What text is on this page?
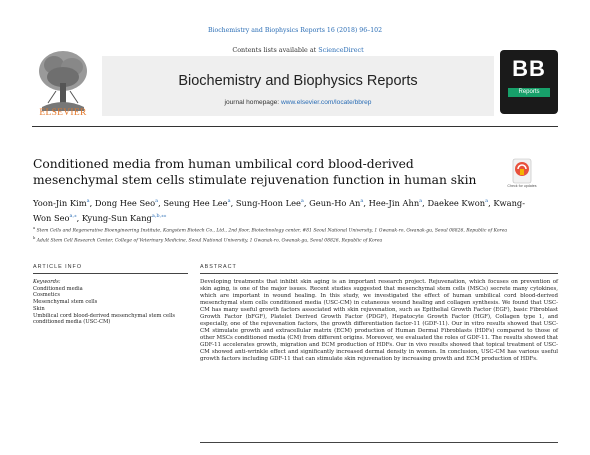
Biochemistry and Biophysics Reports 16 (2018) 96–102
ELSEVIER
Contents lists available at ScienceDirect
Biochemistry and Biophysics Reports
journal homepage: www.elsevier.com/locate/bbrep
BB
Reports
Conditioned media from human umbilical cord blood-derived mesenchymal stem cells stimulate rejuvenation function in human skin	Check for updates
Yoon-Jin Kim$^a$, Dong Hee Seo$^a$, Seung Hee Lee$^a$, Sung-Hoon Lee$^a$, Geun-Ho An$^a$, Hee-Jin Ahn$^a$, Daekee Kwon$^a$, Kwang-Won Seo$^{a,⁎}$, Kyung-Sun Kang$^{a,b,⁎⁎}$
$^a$ Stem Cells and Regenerative Bioengineering Institute, Kangstem Biotech Co., Ltd., 2nd floor, Biotechnology center, #81 Seoul National University, 1 Gwanak-ro, Gwanak-gu, Seoul 08826, Republic of Korea
$^b$ Adult Stem Cell Research Center, College of Veterinary Medicine, Seoul National University, 1 Gwanak-ro, Gwanak-gu, Seoul 08826, Republic of Korea
ARTICLE INFO	ABSTRACT
Keywords:
Conditioned media
Cosmetics
Mesenchymal stem cells
Skin
Umbilical cord blood-derived mesenchymal stem cells conditioned media (USC-CM)
Developing treatments that inhibit skin aging is an important research project. Rejuvenation, which focuses on prevention of skin aging, is one of the major issues. Recent studies suggested that mesenchymal stem cells (MSCs) secrete many cytokines, which are important in wound healing. In this study, we investigated the effect of human umbilical cord blood-derived mesenchymal stem cells conditioned media (USC-CM) in cutaneous wound healing and collagen synthesis. We found that USC-CM has many useful growth factors associated with skin rejuvenation, such as Epithelial Growth Factor (EGF), basic Fibroblast Growth Factor (bFGF), Platelet Derived Growth Factor (PDGF), Hepatocyte Growth Factor (HGF), Collagen type 1, and especially, one of the rejuvenation factors, the growth differentiation factor-11 (GDF-11). Our in vitro results showed that USC-CM stimulate growth and extracellular matrix (ECM) production of Human Dermal Fibroblasts (HDFs) compared to those of other MSCs conditioned media (CM) from different origins. Moreover, we evaluated the roles of GDF-11. The results showed that GDF-11 accelerates growth, migration and ECM production of HDFs. Our in vivo results showed that topical treatment of USC-CM showed anti-wrinkle effect and significantly increased dermal density in women. In conclusion, USC-CM has various useful growth factors including GDF-11 that can stimulate skin rejuvenation by increasing growth and ECM production of HDFs.
